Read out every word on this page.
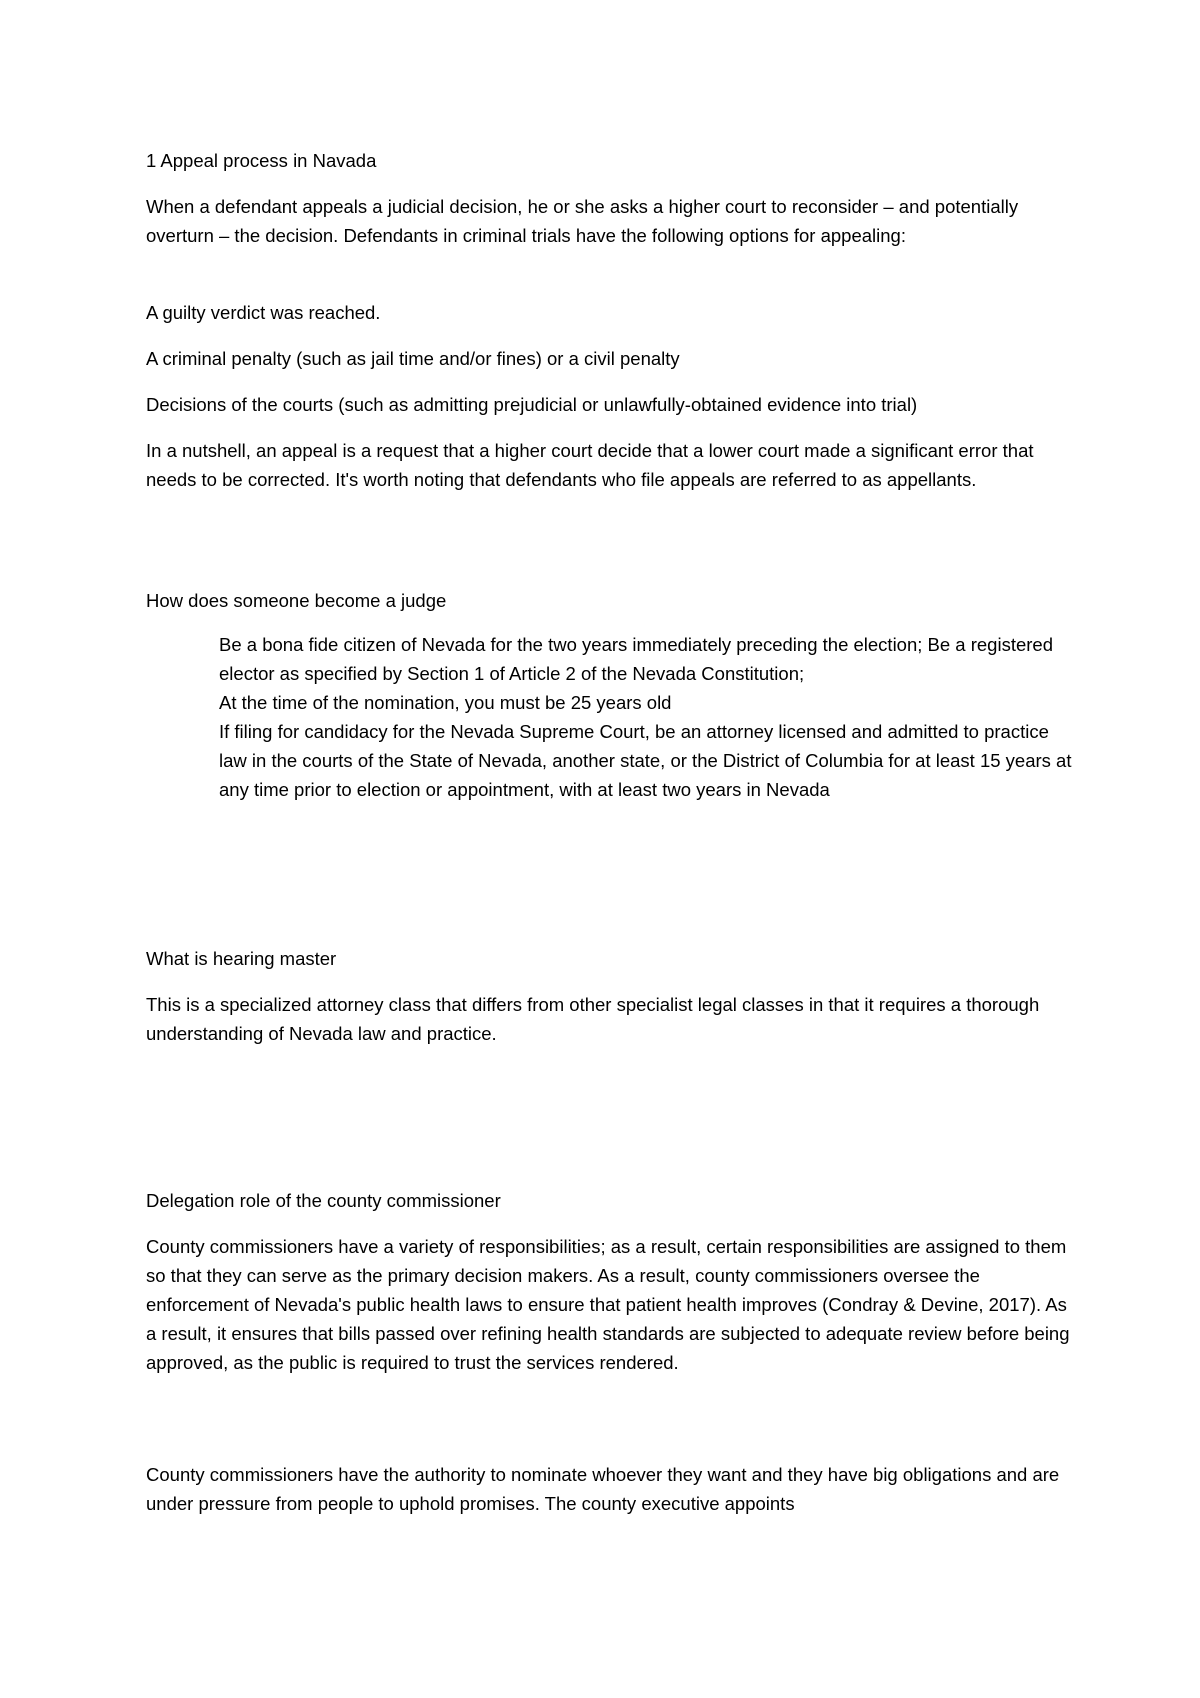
1 Appeal process in Navada

When a defendant appeals a judicial decision, he or she asks a higher court to reconsider – and potentially overturn – the decision. Defendants in criminal trials have the following options for appealing:

A guilty verdict was reached.

A criminal penalty (such as jail time and/or fines) or a civil penalty

Decisions of the courts (such as admitting prejudicial or unlawfully-obtained evidence into trial)

In a nutshell, an appeal is a request that a higher court decide that a lower court made a significant error that needs to be corrected. It's worth noting that defendants who file appeals are referred to as appellants.

How does someone become a judge

Be a bona fide citizen of Nevada for the two years immediately preceding the election; Be a registered elector as specified by Section 1 of Article 2 of the Nevada Constitution;
At the time of the nomination, you must be 25 years old
If filing for candidacy for the Nevada Supreme Court, be an attorney licensed and admitted to practice law in the courts of the State of Nevada, another state, or the District of Columbia for at least 15 years at any time prior to election or appointment, with at least two years in Nevada

What is hearing master

This is a specialized attorney class that differs from other specialist legal classes in that it requires a thorough understanding of Nevada law and practice.

Delegation role of the county commissioner

County commissioners have a variety of responsibilities; as a result, certain responsibilities are assigned to them so that they can serve as the primary decision makers. As a result, county commissioners oversee the enforcement of Nevada's public health laws to ensure that patient health improves (Condray & Devine, 2017). As a result, it ensures that bills passed over refining health standards are subjected to adequate review before being approved, as the public is required to trust the services rendered.

County commissioners have the authority to nominate whoever they want and they have big obligations and are under pressure from people to uphold promises. The county executive appoints
